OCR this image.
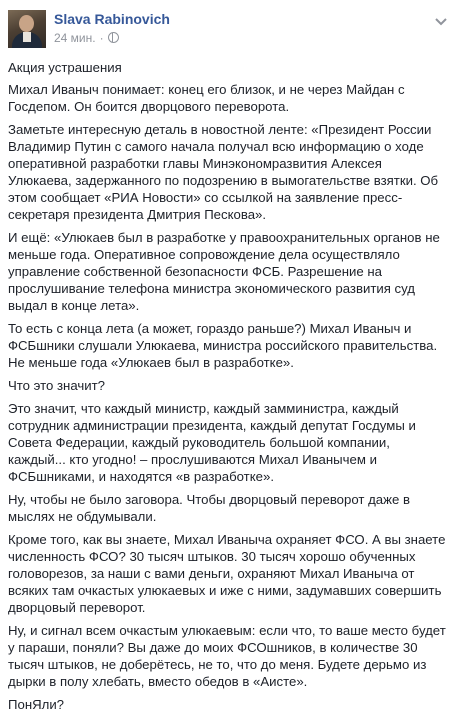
Slava Rabinovich
24 мин. ·

Акция устрашения

Михал Иваныч понимает: конец его близок, и не через Майдан с Госдепом. Он боится дворцового переворота.

Заметьте интересную деталь в новостной ленте: «Президент России Владимир Путин с самого начала получал всю информацию о ходе оперативной разработки главы Минэкономразвития Алексея Улюкаева, задержанного по подозрению в вымогательстве взятки. Об этом сообщает «РИА Новости» со ссылкой на заявление пресс-секретаря президента Дмитрия Пескова».

И ещё: «Улюкаев был в разработке у правоохранительных органов не меньше года. Оперативное сопровождение дела осуществляло управление собственной безопасности ФСБ. Разрешение на прослушивание телефона министра экономического развития суд выдал в конце лета».

То есть с конца лета (а может, гораздо раньше?) Михал Иваныч и ФСБшники слушали Улюкаева, министра российского правительства. Не меньше года «Улюкаев был в разработке».

Что это значит?

Это значит, что каждый министр, каждый замминистра, каждый сотрудник администрации президента, каждый депутат Госдумы и Совета Федерации, каждый руководитель большой компании, каждый... кто угодно! – прослушиваются Михал Иванычем и ФСБшниками, и находятся «в разработке».

Ну, чтобы не было заговора. Чтобы дворцовый переворот даже в мыслях не обдумывали.

Кроме того, как вы знаете, Михал Иваныча охраняет ФСО. А вы знаете численность ФСО? 30 тысяч штыков. 30 тысяч хорошо обученных головорезов, за наши с вами деньги, охраняют Михал Иваныча от всяких там очкастых улюкаевых и иже с ними, задумавших совершить дворцовый переворот.

Ну, и сигнал всем очкастым улюкаевым: если что, то ваше место будет у параши, поняли? Вы даже до моих ФСОшников, в количестве 30 тысяч штыков, не доберётесь, не то, что до меня. Будете дерьмо из дырки в полу хлебать, вместо обедов в «Аисте».

ПонЯли?
